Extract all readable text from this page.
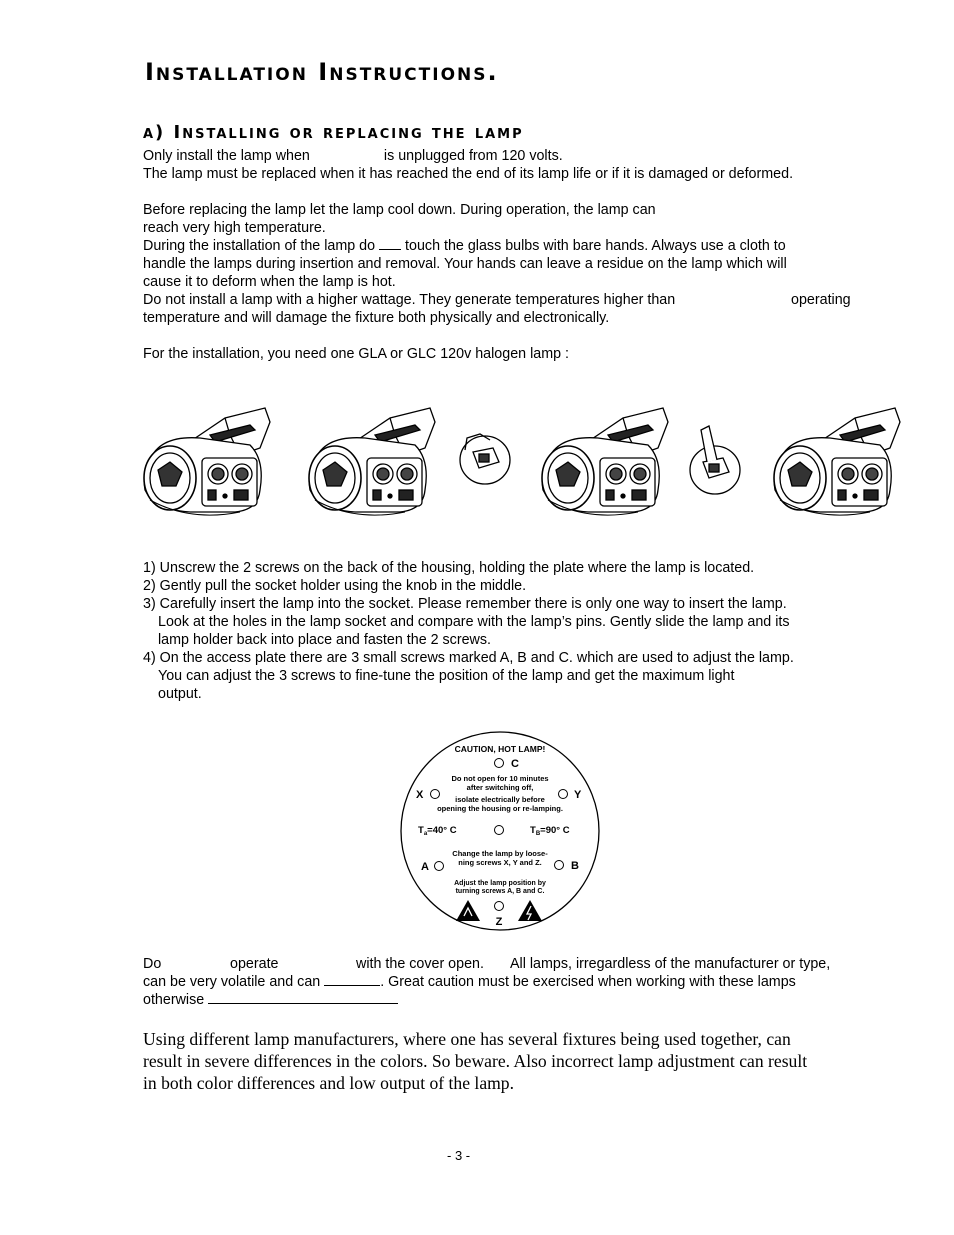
Installation Instructions.
a) Installing or replacing the lamp
Only install the lamp when	is unplugged from 120 volts.
The lamp must be replaced when it has reached the end of its lamp life or if it is damaged or deformed.
Before replacing the lamp let the lamp cool down. During operation, the lamp can
reach very high temperature.
During the installation of the lamp do touch the glass bulbs with bare hands. Always use a cloth to
handle the lamps during insertion and removal. Your hands can leave a residue on the lamp which will
cause it to deform when the lamp is hot.
Do not install a lamp with a higher wattage. They generate temperatures higher than	operating
temperature and will damage the fixture both physically and electronically.
For the installation, you need one GLA or GLC 120v halogen lamp :
1) Unscrew the 2 screws on the back of the housing, holding the plate where the lamp is located.
2) Gently pull the socket holder using the knob in the middle.
3) Carefully insert the lamp into the socket. Please remember there is only one way to insert the lamp.
Look at the holes in the lamp socket and compare with the lamp’s pins. Gently slide the lamp and its
lamp holder back into place and fasten the 2 screws.
4) On the access plate there are 3 small screws marked A, B and C. which are used to adjust the lamp.
You can adjust the 3 screws to fine-tune the position of the lamp and get the maximum light
output.
CAUTION, HOT LAMP!
C
Do not open for 10 minutes
after switching off,
isolate electrically before
opening the housing or re-lamping.
X	Y
$T_a=40^\circ$ C	$T_B=90^\circ$ C
Change the lamp by loose-
ning screws X, Y and Z.
A	B
Adjust the lamp position by
turning screws A, B and C.
Z
Do	operate	with the cover open. All lamps, irregardless of the manufacturer or type,
can be very volatile and can	. Great caution must be exercised when working with these lamps
otherwise
Using different lamp manufacturers, where one has several fixtures being used together, can
result in severe differences in the colors. So beware. Also incorrect lamp adjustment can result
in both color differences and low output of the lamp.
- 3 -
